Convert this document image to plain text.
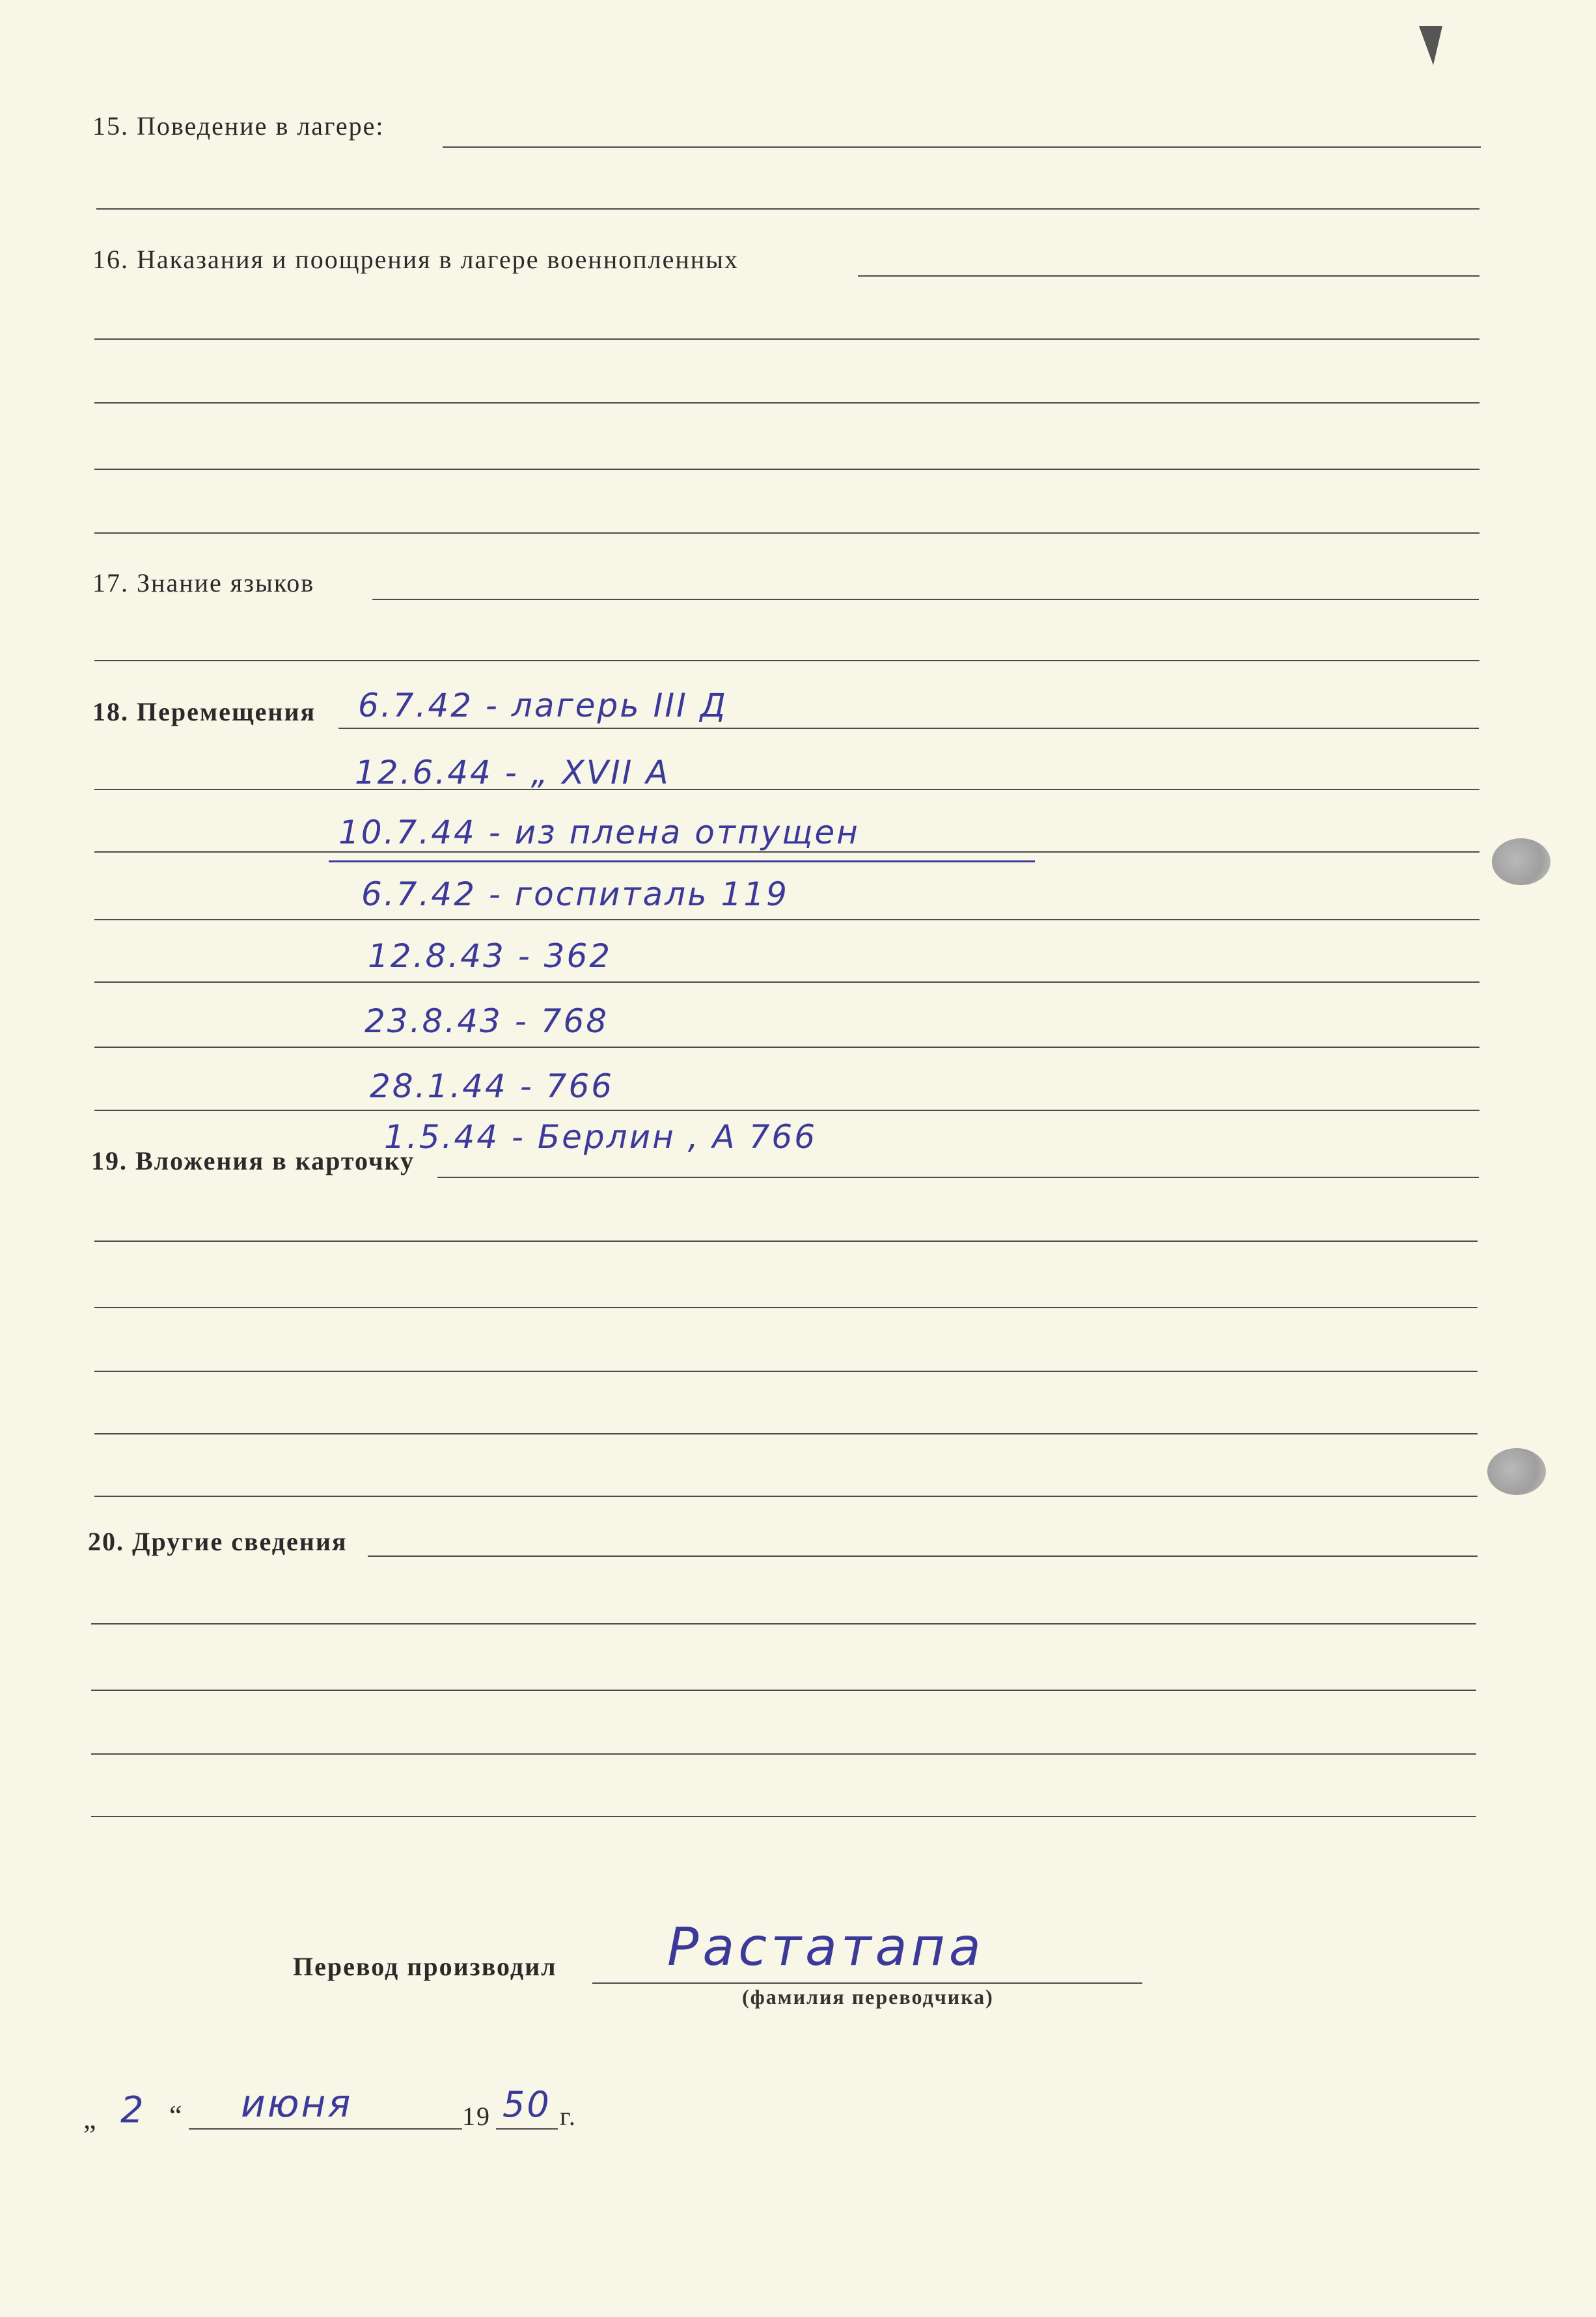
15. Поведение в лагере:
16. Наказания и поощрения в лагере военнопленных
17. Знание языков
18. Перемещения 6.7.42 - лагерь III Д
12.6.44 - „ XVII А
10.7.44 - из плена отпущен
6.7.42 - госпиталь 119
12.8.43 - 362
23.8.43 - 768
28.1.44 - 766
1.5.44 - Берлин , А 766
19. Вложения в карточку
20. Другие сведения
Перевод производил Растатапа
(фамилия переводчика)
„ 2 “ июня	19 50 г.
